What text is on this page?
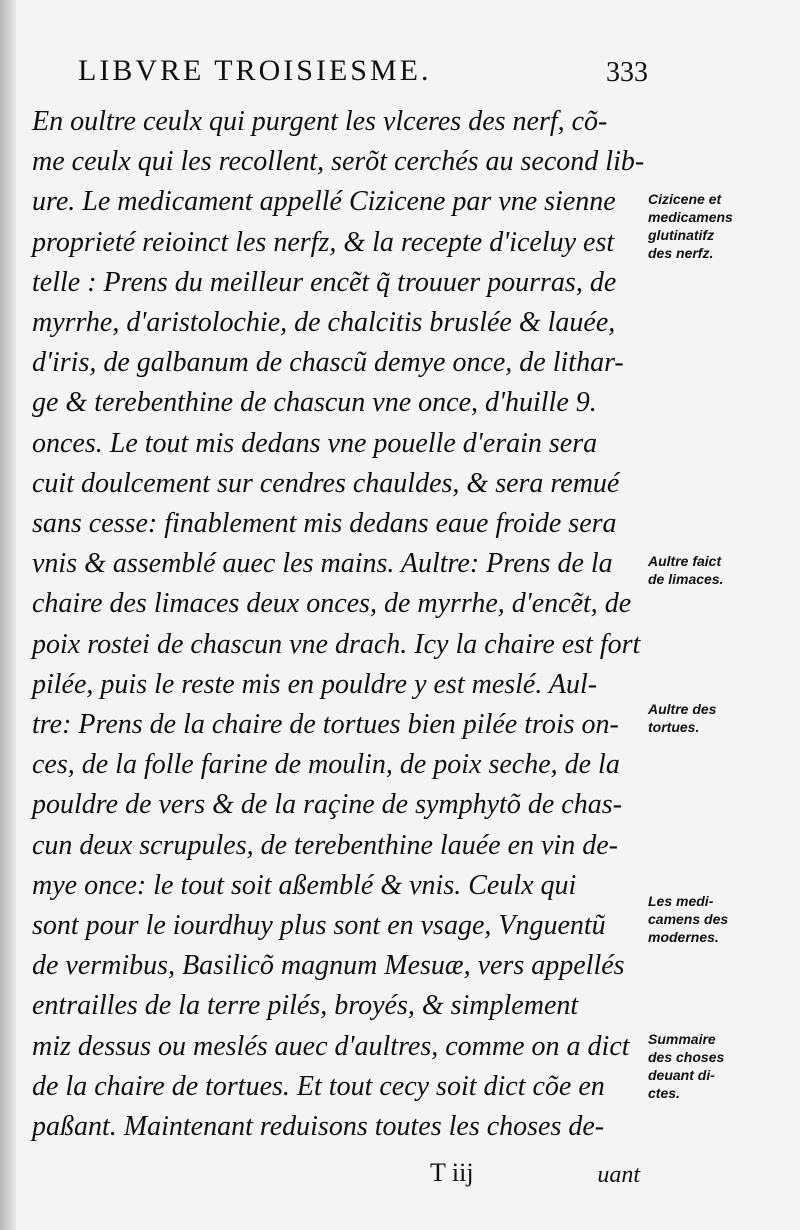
LIBVRE TROISIESME.	333
En oultre ceulx qui purgent les vlceres des nerf, cõ-
me ceulx qui les recollent, serõt cerchés au second lib-
ure. Le medicament appellé Cizicene par vne sienne
proprieté reioinct les nerfz, & la recepte d'iceluy est
telle : Prens du meilleur encẽt q̃ trouuer pourras, de
myrrhe, d'aristolochie, de chalcitis bruslée & lauée,
d'iris, de galbanum de chascũ demye once, de lithar-
ge & terebenthine de chascun vne once, d'huille 9.
onces. Le tout mis dedans vne pouelle d'erain sera
cuit doulcement sur cendres chauldes, & sera remué
sans cesse: finablement mis dedans eaue froide sera
vnis & assemblé auec les mains. Aultre: Prens de la
chaire des limaces deux onces, de myrrhe, d'encẽt, de
poix rostei de chascun vne drach. Icy la chaire est fort
pilée, puis le reste mis en pouldre y est meslé. Aul-
tre: Prens de la chaire de tortues bien pilée trois on-
ces, de la folle farine de moulin, de poix seche, de la
pouldre de vers & de la raçine de symphytõ de chas-
cun deux scrupules, de terebenthine lauée en vin de-
mye once: le tout soit aßemblé & vnis. Ceulx qui
sont pour le iourdhuy plus sont en vsage, Vnguentũ
de vermibus, Basilicõ magnum Mesuæ, vers appellés
entrailles de la terre pilés, broyés, & simplement
miz dessus ou meslés auec d'aultres, comme on a dict
de la chaire de tortues. Et tout cecy soit dict cõe en
paßant. Maintenant reduisons toutes les choses de-
Cizicene et
medicamens
glutinatifz
des nerfz.
Aultre faict
de limaces.
Aultre des
tortues.
Les medi-
camens des
modernes.
Summaire
des choses
deuant di-
ctes.
T iij	uant
